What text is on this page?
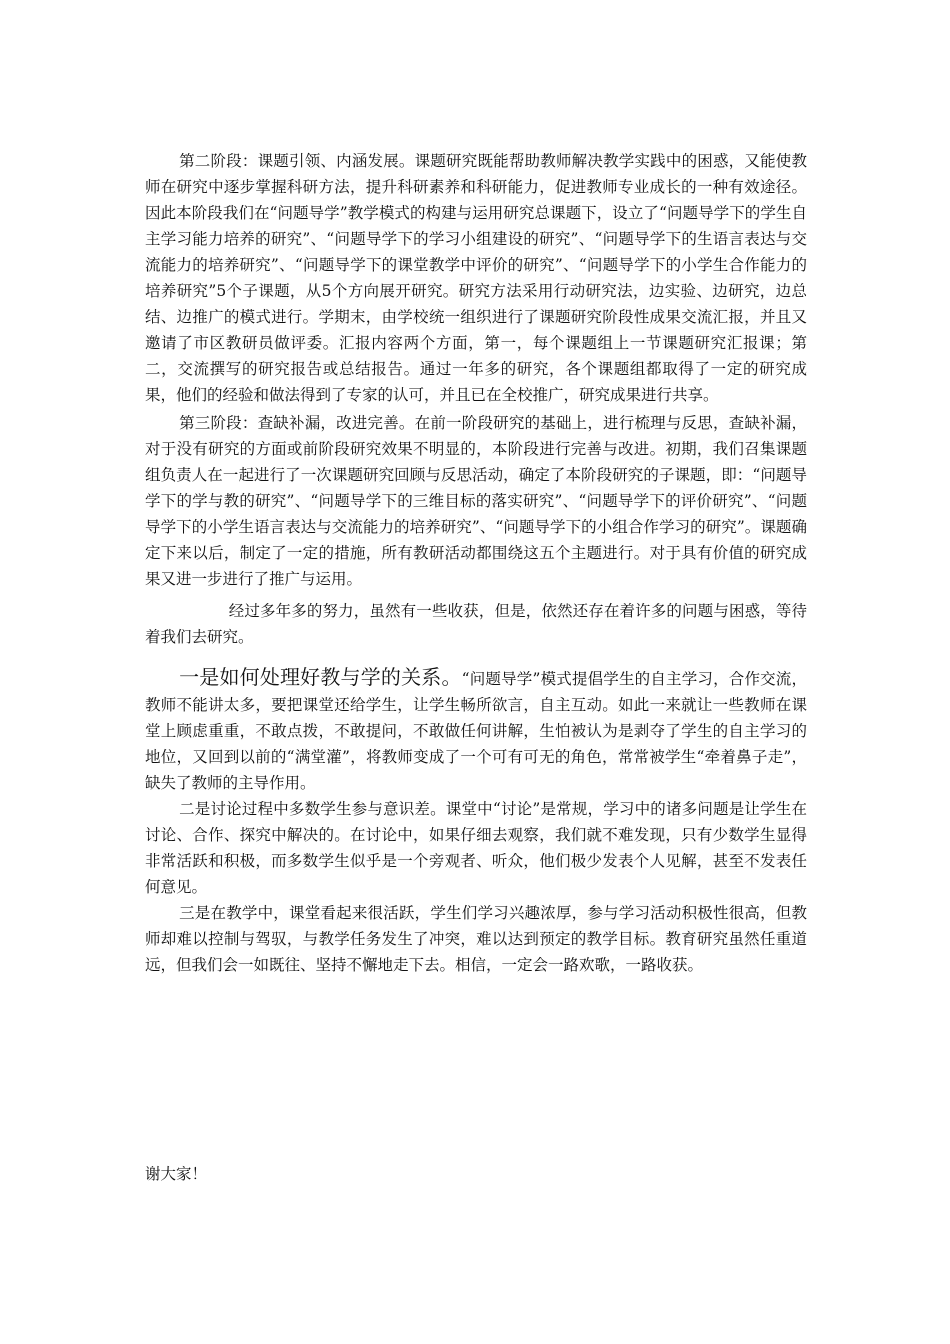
第二阶段：课题引领、内涵发展。课题研究既能帮助教师解决教学实践中的困惑，又能使教师在研究中逐步掌握科研方法，提升科研素养和科研能力，促进教师专业成长的一种有效途径。因此本阶段我们在“问题导学”教学模式的构建与运用研究总课题下，设立了“问题导学下的学生自主学习能力培养的研究”、“问题导学下的学习小组建设的研究”、“问题导学下的生语言表达与交流能力的培养研究”、“问题导学下的课堂教学中评价的研究”、“问题导学下的小学生合作能力的培养研究”5个子课题，从5个方向展开研究。研究方法采用行动研究法，边实验、边研究，边总结、边推广的模式进行。学期末，由学校统一组织进行了课题研究阶段性成果交流汇报，并且又邀请了市区教研员做评委。汇报内容两个方面，第一，每个课题组上一节课题研究汇报课；第二，交流撰写的研究报告或总结报告。通过一年多的研究，各个课题组都取得了一定的研究成果，他们的经验和做法得到了专家的认可，并且已在全校推广，研究成果进行共享。

第三阶段：查缺补漏，改进完善。在前一阶段研究的基础上，进行梳理与反思，查缺补漏，对于没有研究的方面或前阶段研究效果不明显的，本阶段进行完善与改进。初期，我们召集课题组负责人在一起进行了一次课题研究回顾与反思活动，确定了本阶段研究的子课题，即：“问题导学下的学与教的研究”、“问题导学下的三维目标的落实研究”、“问题导学下的评价研究”、“问题导学下的小学生语言表达与交流能力的培养研究”、“问题导学下的小组合作学习的研究”。课题确定下来以后，制定了一定的措施，所有教研活动都围绕这五个主题进行。对于具有价值的研究成果又进一步进行了推广与运用。

经过多年多的努力，虽然有一些收获，但是，依然还存在着许多的问题与困惑，等待着我们去研究。

一是如何处理好教与学的关系。“问题导学”模式提倡学生的自主学习，合作交流，教师不能讲太多，要把课堂还给学生，让学生畅所欲言，自主互动。如此一来就让一些教师在课堂上顾虑重重，不敢点拨，不敢提问，不敢做任何讲解，生怕被认为是剥夺了学生的自主学习的地位，又回到以前的“满堂灌”，将教师变成了一个可有可无的角色，常常被学生“牵着鼻子走”，缺失了教师的主导作用。

二是讨论过程中多数学生参与意识差。课堂中“讨论”是常规，学习中的诸多问题是让学生在讨论、合作、探究中解决的。在讨论中，如果仔细去观察，我们就不难发现，只有少数学生显得非常活跃和积极，而多数学生似乎是一个旁观者、听众，他们极少发表个人见解，甚至不发表任何意见。

三是在教学中，课堂看起来很活跃，学生们学习兴趣浓厚，参与学习活动积极性很高，但教师却难以控制与驾驭，与教学任务发生了冲突，难以达到预定的教学目标。教育研究虽然任重道远，但我们会一如既往、坚持不懈地走下去。相信，一定会一路欢歌，一路收获。

谢大家！
